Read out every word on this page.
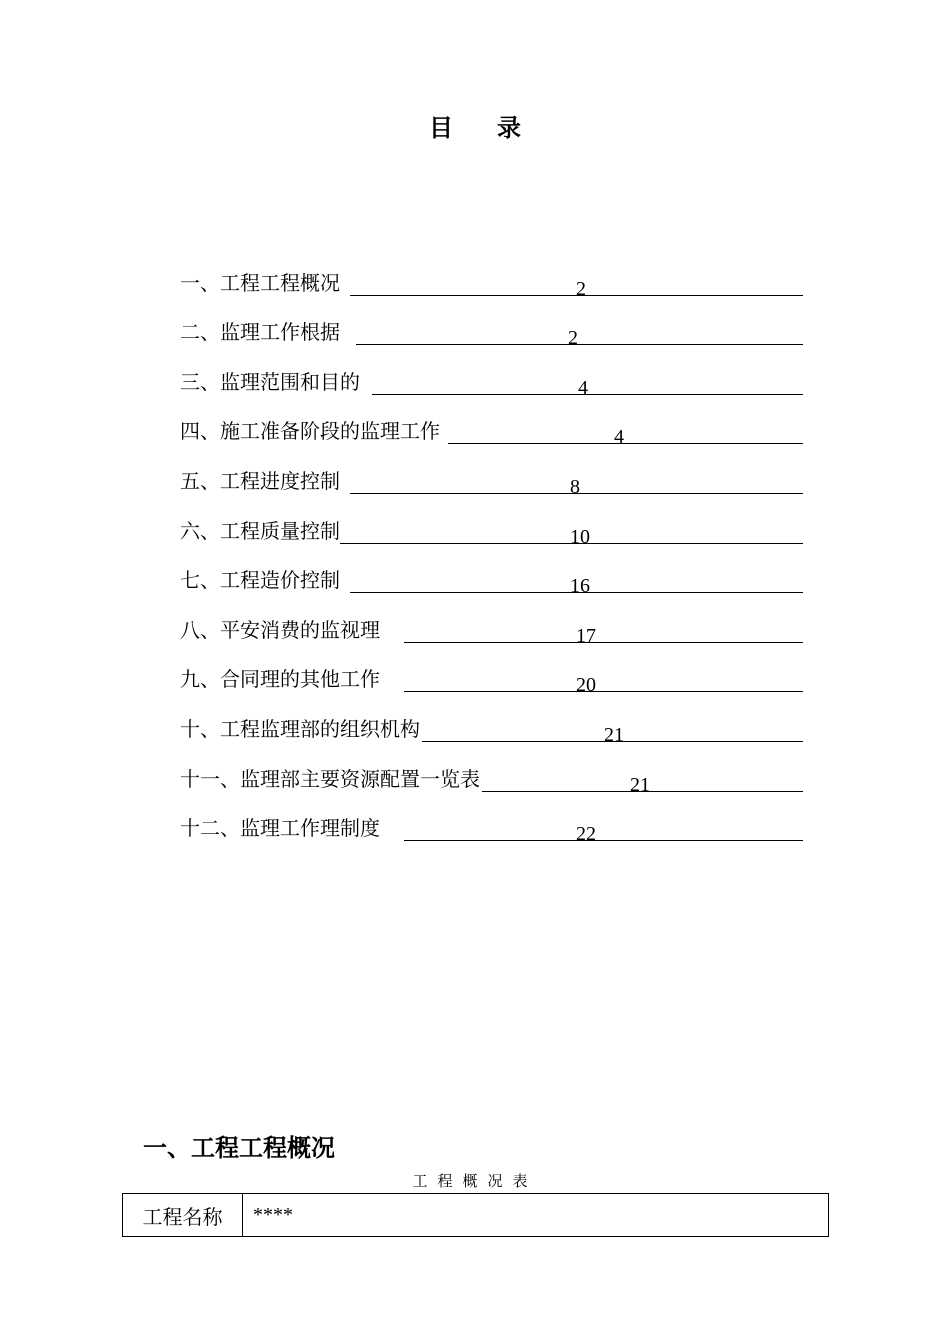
目 录
一、工程工程概况	2
二、监理工作根据	2
三、监理范围和目的	4
四、施工准备阶段的监理工作	4
五、工程进度控制	8
六、工程质量控制	10
七、工程造价控制	16
八、平安消费的监视理	17
九、合同理的其他工作	20
十、工程监理部的组织机构	21
十一、监理部主要资源配置一览表	21
十二、监理工作理制度	22
一、工程工程概况
工程概况表
工程名称	****
